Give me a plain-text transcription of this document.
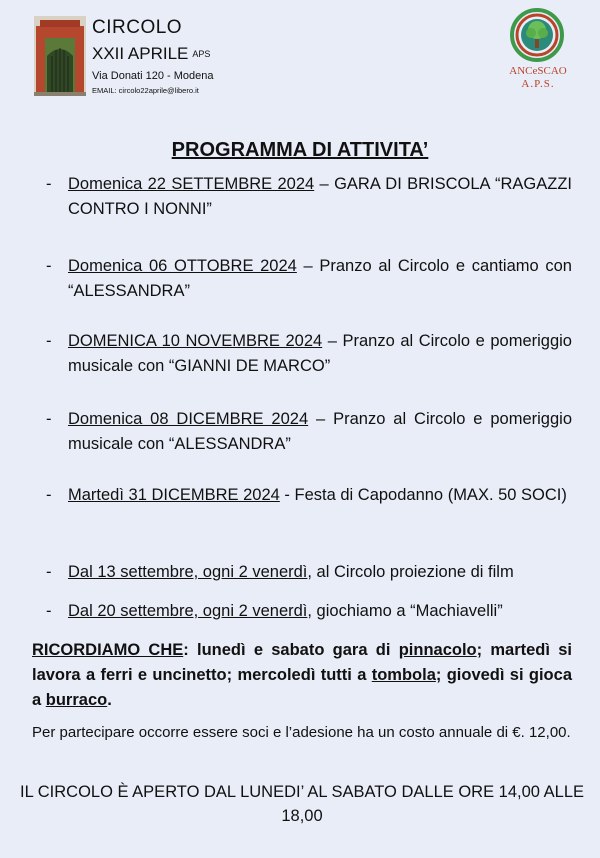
CIRCOLO
XXII APRILE APS
Via Donati 120 - Modena
EMAIL: circolo22aprile@libero.it
ANCeSCAO
A.P.S.
PROGRAMMA DI ATTIVITA’
- Domenica 22 SETTEMBRE 2024 – GARA DI BRISCOLA “RAGAZZI CONTRO I NONNI”
- Domenica 06 OTTOBRE 2024 – Pranzo al Circolo e cantiamo con “ALESSANDRA”
- DOMENICA 10 NOVEMBRE 2024 – Pranzo al Circolo e pomeriggio musicale con “GIANNI DE MARCO”
- Domenica 08 DICEMBRE 2024 – Pranzo al Circolo e pomeriggio musicale con “ALESSANDRA”
- Martedì 31 DICEMBRE 2024 - Festa di Capodanno (MAX. 50 SOCI)
- Dal 13 settembre, ogni 2 venerdì, al Circolo proiezione di film
- Dal 20 settembre, ogni 2 venerdì, giochiamo a “Machiavelli”
RICORDIAMO CHE: lunedì e sabato gara di pinnacolo; martedì si lavora a ferri e uncinetto; mercoledì tutti a tombola; giovedì si gioca a burraco.
Per partecipare occorre essere soci e l’adesione ha un costo annuale di €. 12,00.
IL CIRCOLO È APERTO DAL LUNEDI’ AL SABATO DALLE ORE 14,00 ALLE 18,00
